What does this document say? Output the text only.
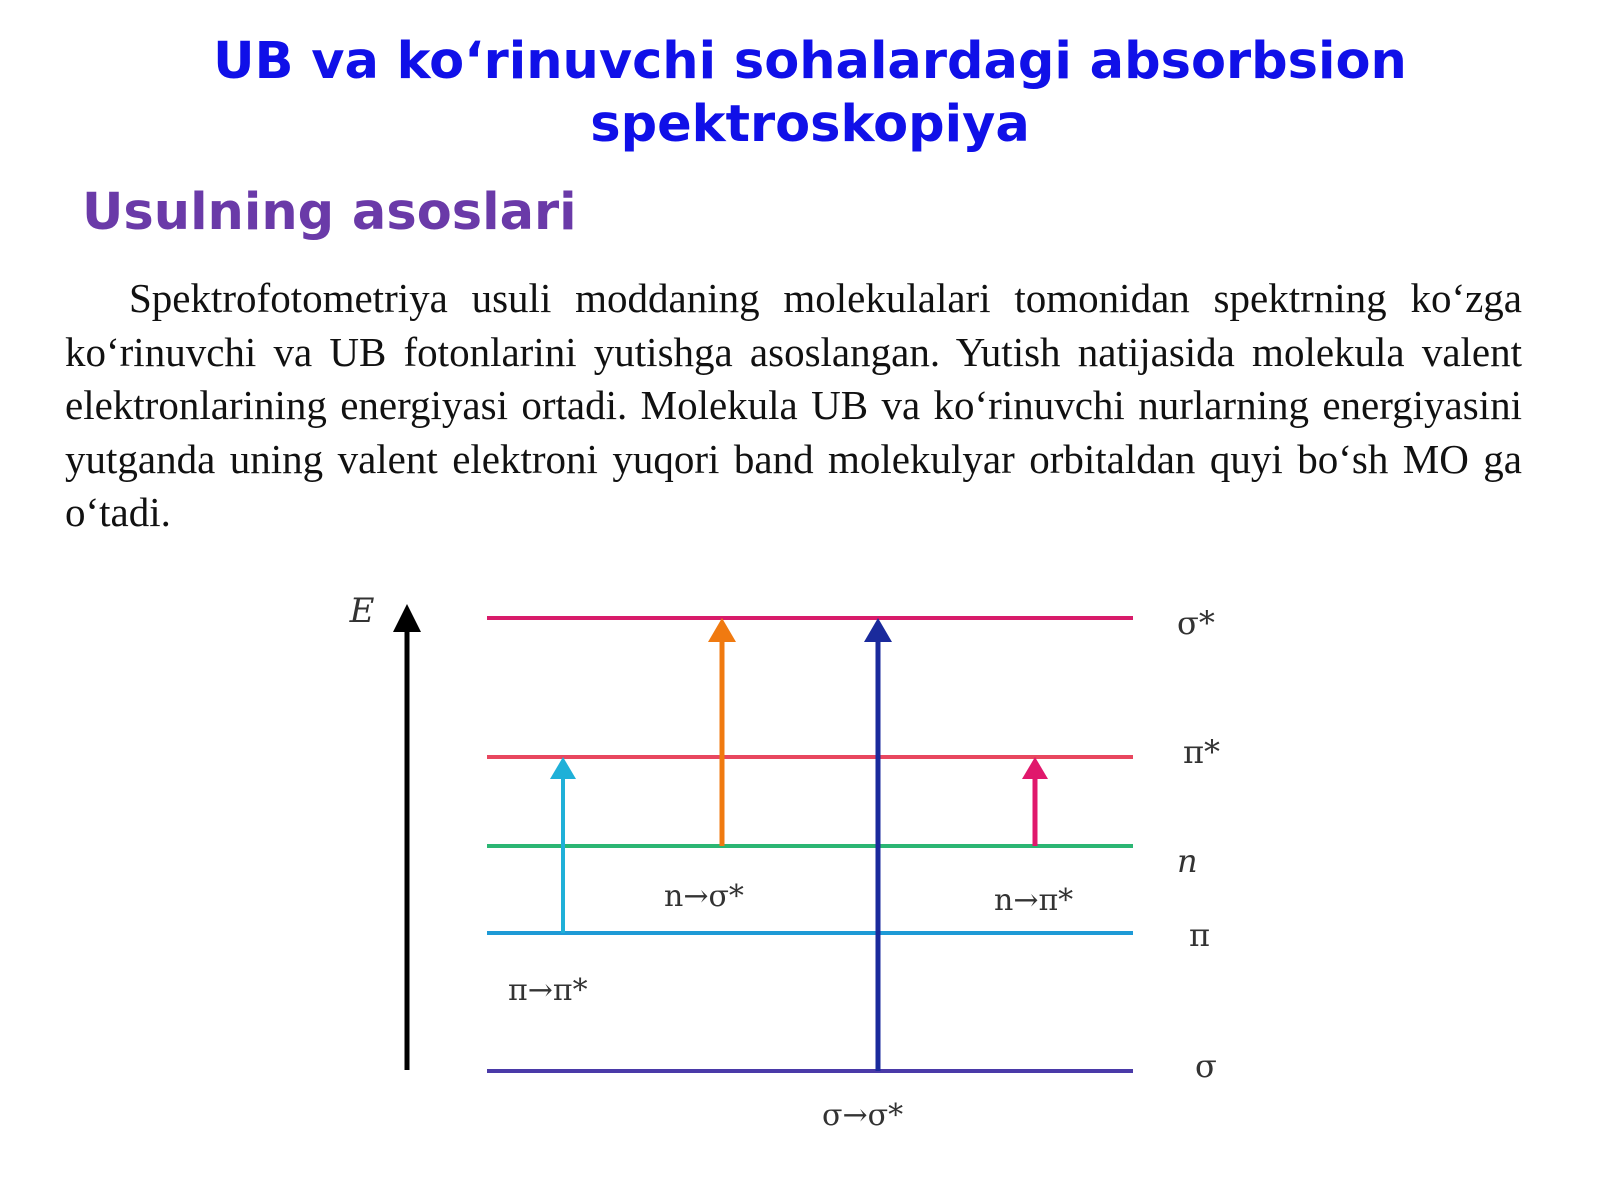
UB va koʻrinuvchi sohalardagi absorbsion
spektroskopiya
Usulning asoslari

Spektrofotometriya usuli moddaning molekulalari tomonidan spektrning koʻzga koʻrinuvchi va UB fotonlarini yutishga asoslangan. Yutish natijasida molekula valent elektronlarining energiyasi ortadi. Molekula UB va koʻrinuvchi nurlarning energiyasini yutganda uning valent elektroni yuqori band molekulyar orbitaldan quyi boʻsh MO ga oʻtadi.

E	σ*
π*
n
π
σ
π→π*
n→σ*
σ→σ*
n→π*
